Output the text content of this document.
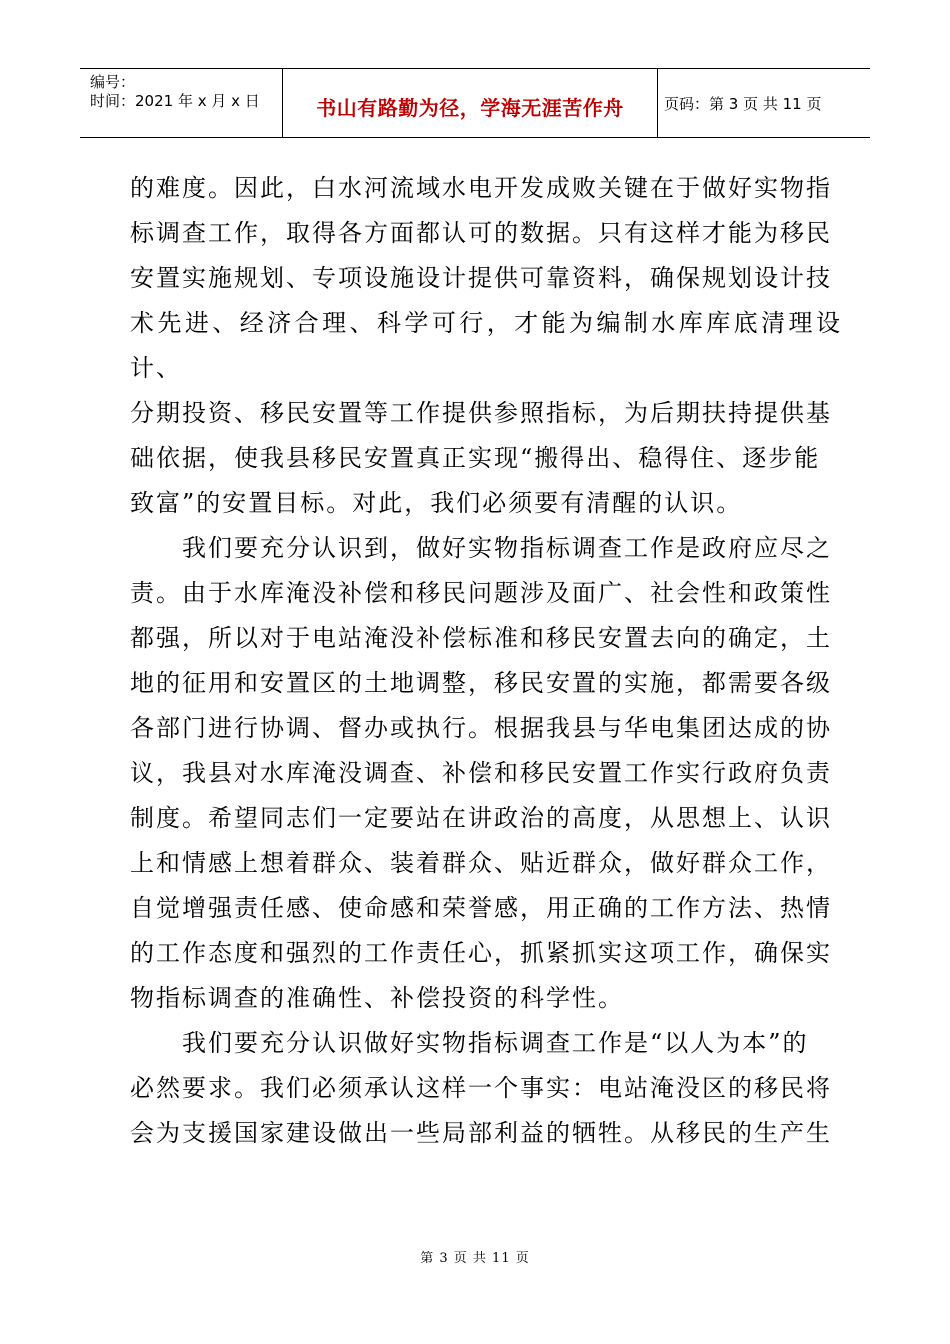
编号：
时间：2021 年 x 月 x 日	书山有路勤为径，学海无涯苦作舟	页码：第 3 页 共 11 页

的难度。因此，白水河流域水电开发成败关键在于做好实物指

标调查工作，取得各方面都认可的数据。只有这样才能为移民

安置实施规划、专项设施设计提供可靠资料，确保规划设计技

术先进、经济合理、科学可行，才能为编制水库库底清理设计、

分期投资、移民安置等工作提供参照指标，为后期扶持提供基

础依据，使我县移民安置真正实现“搬得出、稳得住、逐步能

致富”的安置目标。对此，我们必须要有清醒的认识。

　　我们要充分认识到，做好实物指标调查工作是政府应尽之

责。由于水库淹没补偿和移民问题涉及面广、社会性和政策性

都强，所以对于电站淹没补偿标准和移民安置去向的确定，土

地的征用和安置区的土地调整，移民安置的实施，都需要各级

各部门进行协调、督办或执行。根据我县与华电集团达成的协

议，我县对水库淹没调查、补偿和移民安置工作实行政府负责

制度。希望同志们一定要站在讲政治的高度，从思想上、认识

上和情感上想着群众、装着群众、贴近群众，做好群众工作，

自觉增强责任感、使命感和荣誉感，用正确的工作方法、热情

的工作态度和强烈的工作责任心，抓紧抓实这项工作，确保实

物指标调查的准确性、补偿投资的科学性。

　　我们要充分认识做好实物指标调查工作是“以人为本”的

必然要求。我们必须承认这样一个事实：电站淹没区的移民将

会为支援国家建设做出一些局部利益的牺牲。从移民的生产生

第 3 页 共 11 页
